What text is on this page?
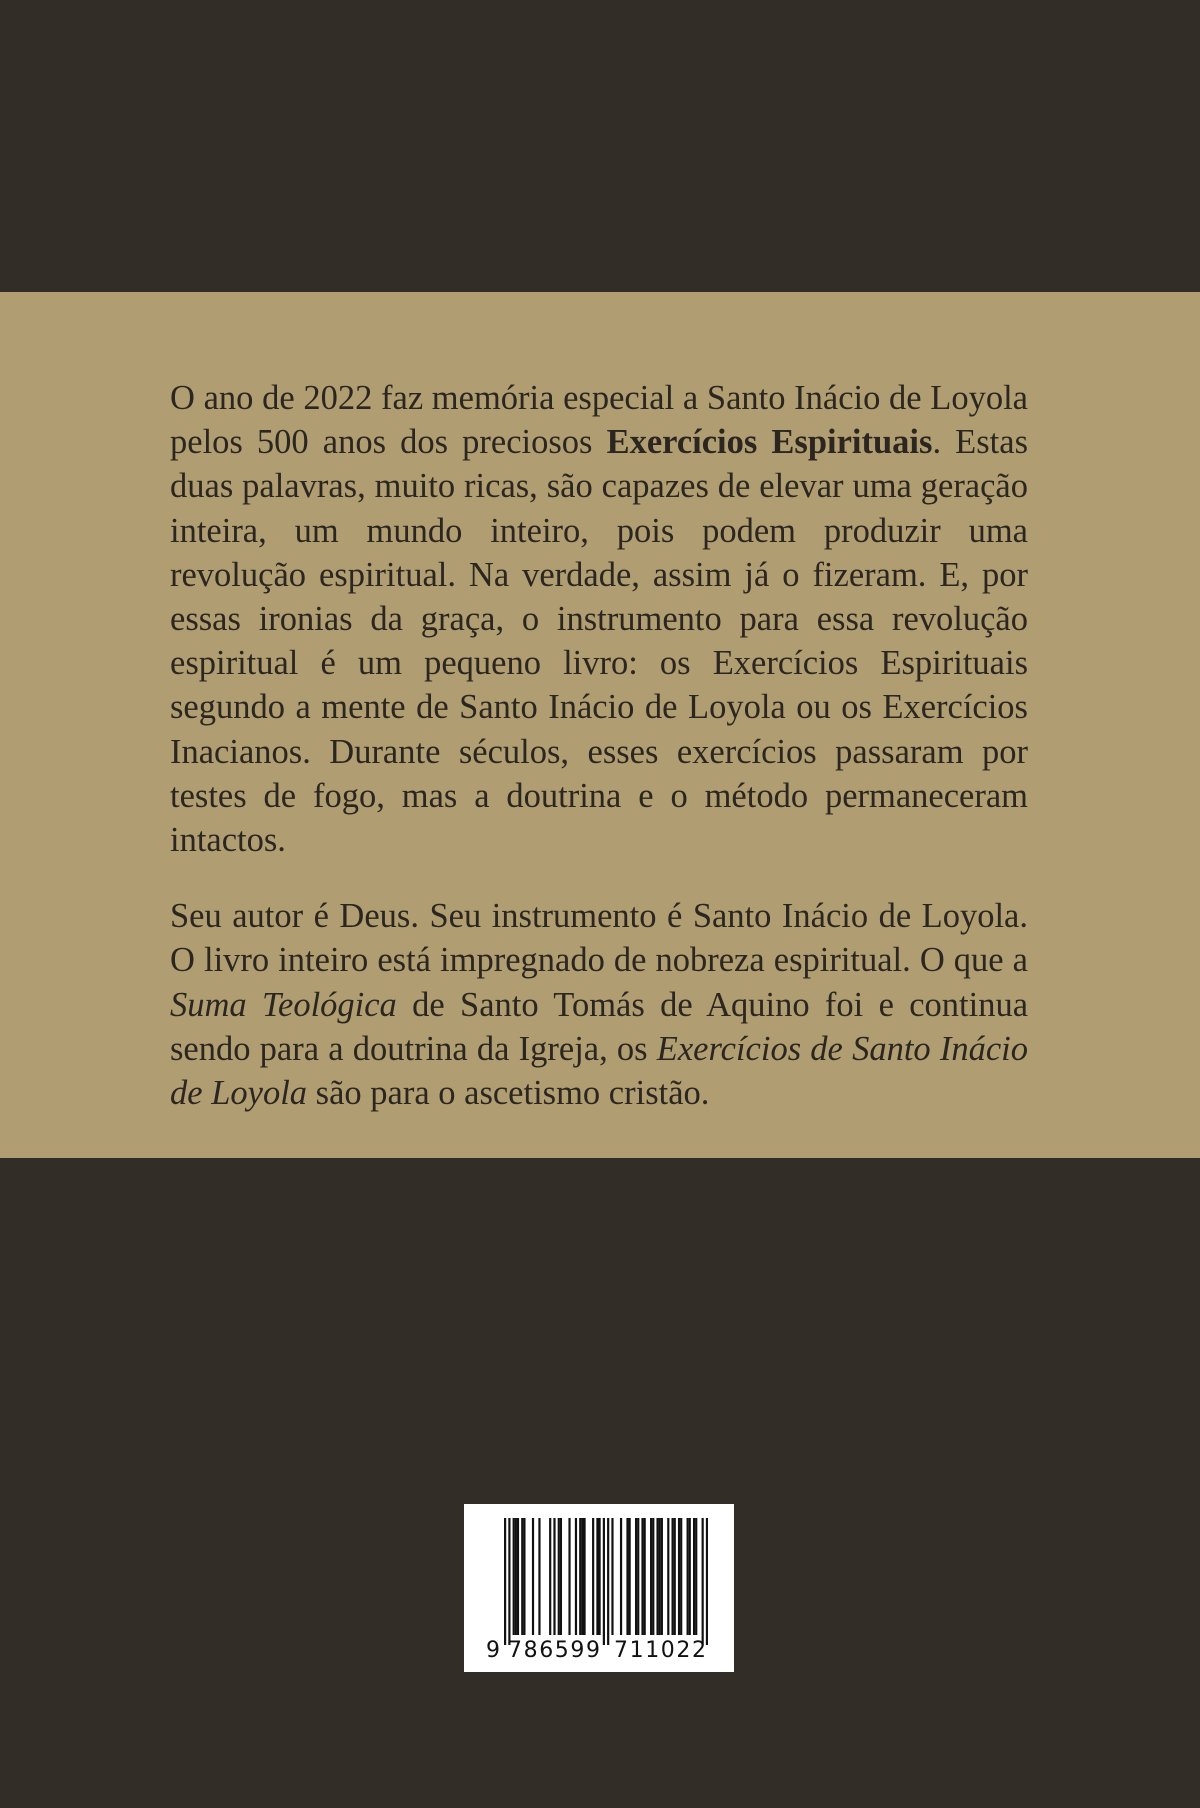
O ano de 2022 faz memória especial a Santo Inácio de Loyola pelos 500 anos dos preciosos Exercícios Espirituais. Estas duas palavras, muito ricas, são capazes de elevar uma geração inteira, um mundo inteiro, pois podem produzir uma revolução espiritual. Na verdade, assim já o fizeram. E, por essas ironias da graça, o instrumento para essa revolução espiritual é um pequeno livro: os Exercícios Espirituais segundo a mente de Santo Inácio de Loyola ou os Exercícios Inacianos. Durante séculos, esses exercícios passaram por testes de fogo, mas a doutrina e o método permaneceram intactos.

Seu autor é Deus. Seu instrumento é Santo Inácio de Loyola. O livro inteiro está impregnado de nobreza espiritual. O que a Suma Teológica de Santo Tomás de Aquino foi e continua sendo para a doutrina da Igreja, os Exercícios de Santo Inácio de Loyola são para o ascetismo cristão.

9 786599 711022
